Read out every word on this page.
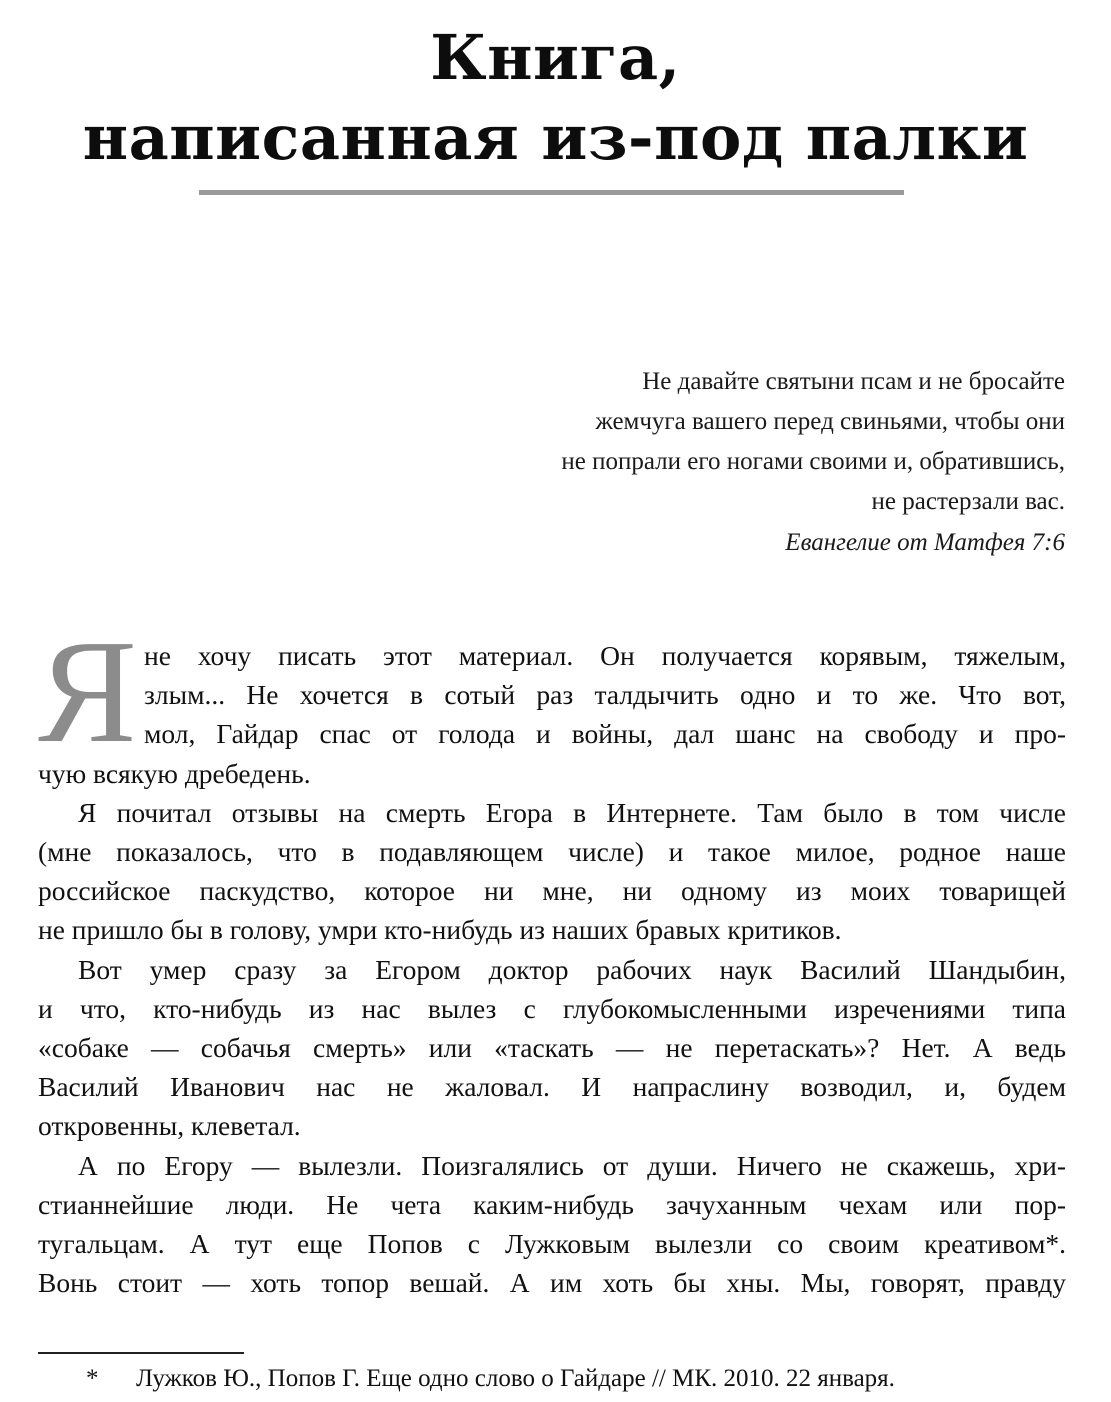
Книга,
написанная из-под палки
Не давайте святыни псам и не бросайте
жемчуга вашего перед свиньями, чтобы они
не попрали его ногами своими и, обратившись,
не растерзали вас.
Евангелие от Матфея 7:6
Я не хочу писать этот материал. Он получается корявым, тяжелым,
злым... Не хочется в сотый раз талдычить одно и то же. Что вот,
мол, Гайдар спас от голода и войны, дал шанс на свободу и про-
чую всякую дребедень.
Я почитал отзывы на смерть Егора в Интернете. Там было в том числе
(мне показалось, что в подавляющем числе) и такое милое, родное наше
российское паскудство, которое ни мне, ни одному из моих товарищей
не пришло бы в голову, умри кто-нибудь из наших бравых критиков.
Вот умер сразу за Егором доктор рабочих наук Василий Шандыбин,
и что, кто-нибудь из нас вылез с глубокомысленными изречениями типа
«собаке — собачья смерть» или «таскать — не перетаскать»? Нет. А ведь
Василий Иванович нас не жаловал. И напраслину возводил, и, будем
откровенны, клеветал.
А по Егору — вылезли. Поизгалялись от души. Ничего не скажешь, хри-
стианнейшие люди. Не чета каким-нибудь зачуханным чехам или пор-
тугальцам. А тут еще Попов с Лужковым вылезли со своим креативом*.
Вонь стоит — хоть топор вешай. А им хоть бы хны. Мы, говорят, правду
* Лужков Ю., Попов Г. Еще одно слово о Гайдаре // МК. 2010. 22 января.
